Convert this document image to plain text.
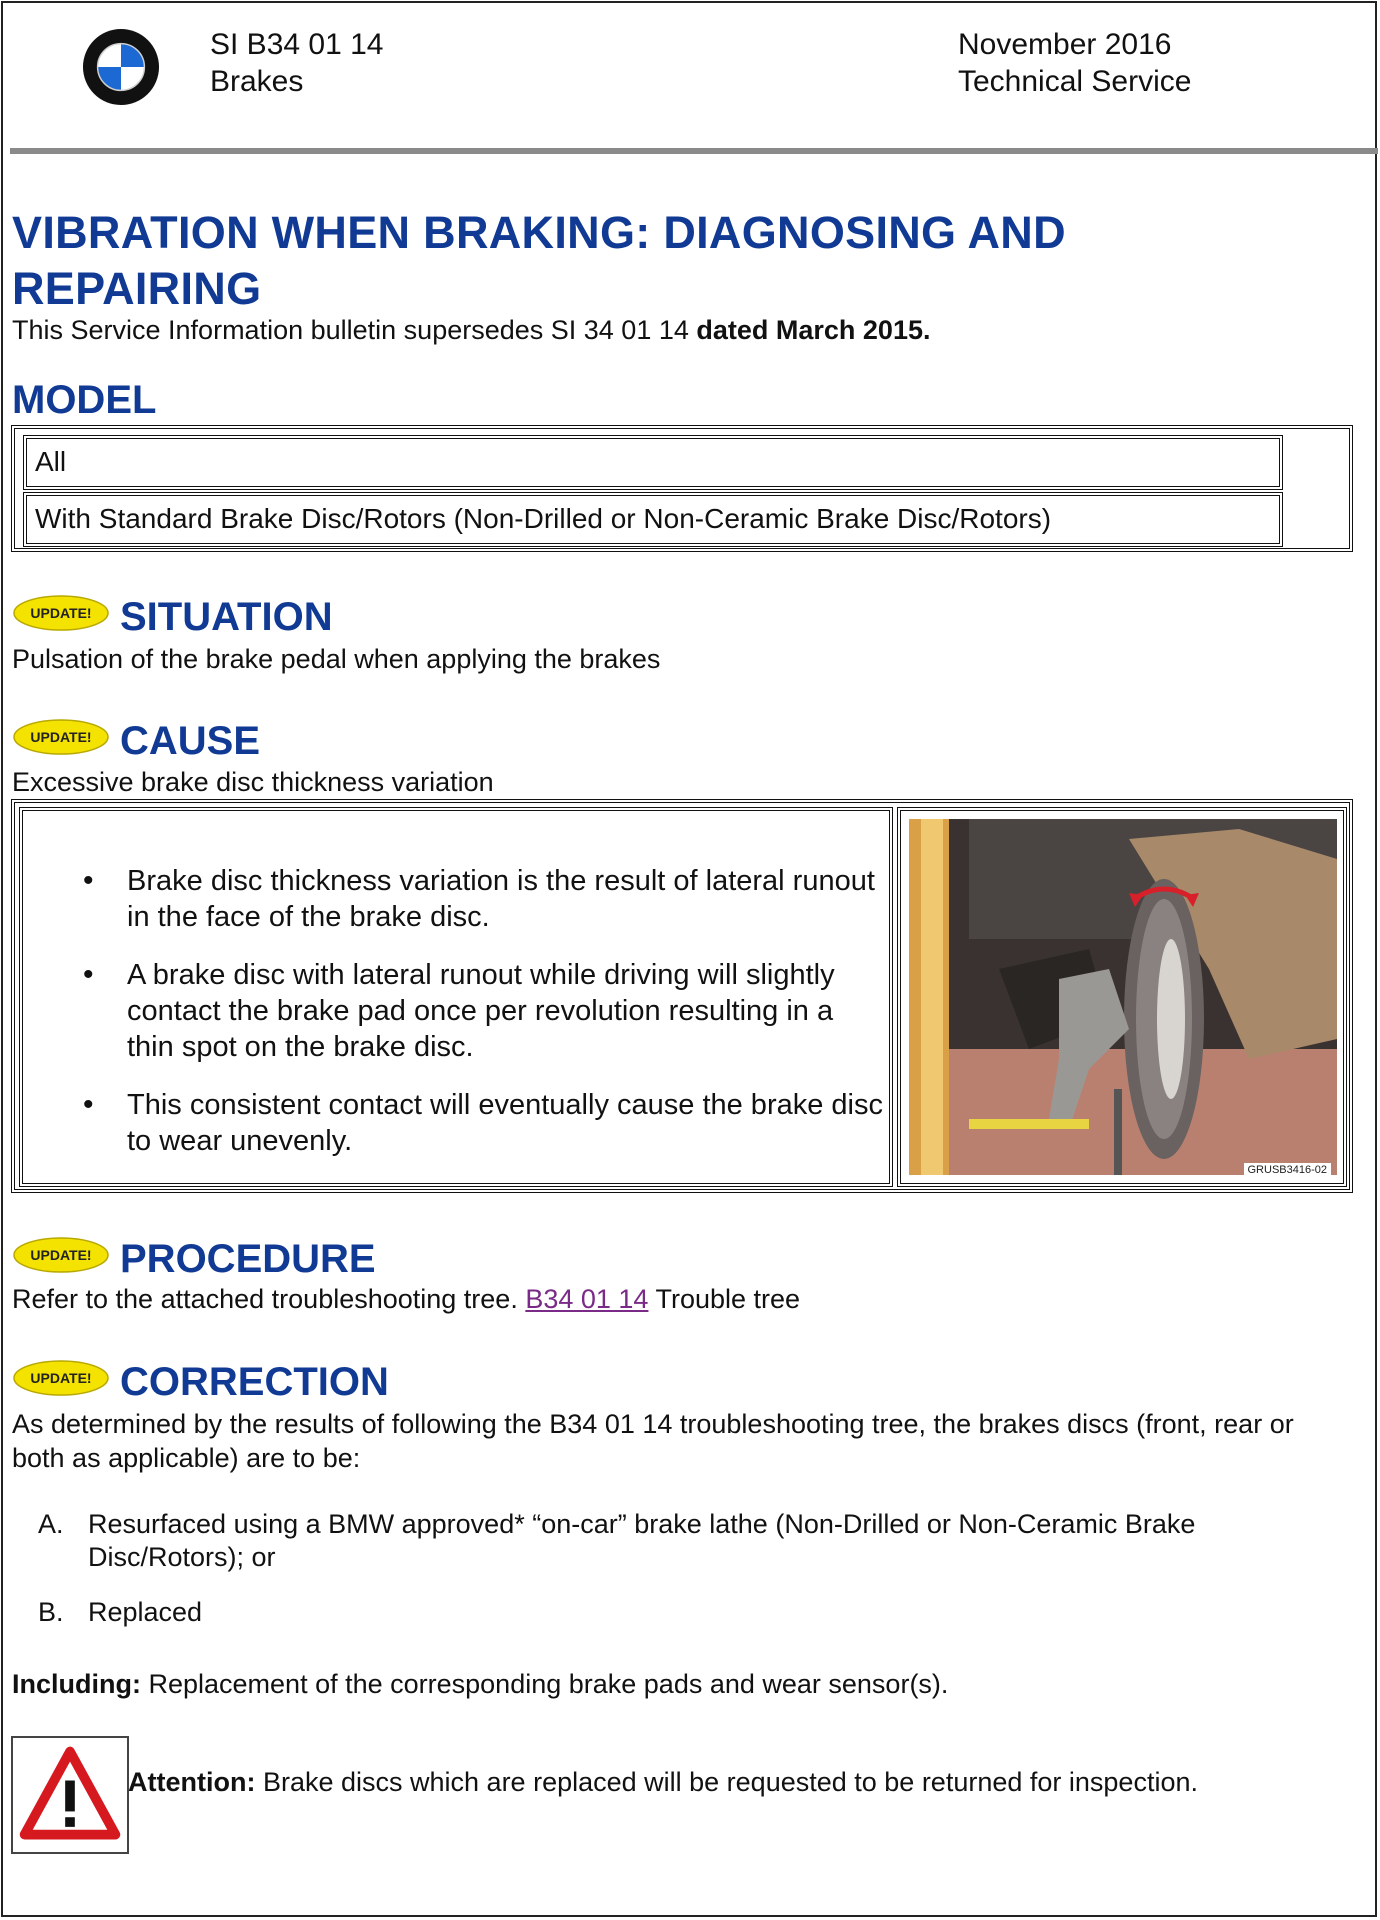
SI B34 01 14
Brakes
November 2016
Technical Service
VIBRATION WHEN BRAKING: DIAGNOSING AND REPAIRING
This Service Information bulletin supersedes SI 34 01 14 dated March 2015.
MODEL
All
With Standard Brake Disc/Rotors (Non-Drilled or Non-Ceramic Brake Disc/Rotors)
UPDATE! SITUATION
Pulsation of the brake pedal when applying the brakes
UPDATE! CAUSE
Excessive brake disc thickness variation
• Brake disc thickness variation is the result of lateral runout in the face of the brake disc.
• A brake disc with lateral runout while driving will slightly contact the brake pad once per revolution resulting in a thin spot on the brake disc.
• This consistent contact will eventually cause the brake disc to wear unevenly.
GRUSB3416-02
UPDATE! PROCEDURE
Refer to the attached troubleshooting tree. B34 01 14 Trouble tree
UPDATE! CORRECTION
As determined by the results of following the B34 01 14 troubleshooting tree, the brakes discs (front, rear or both as applicable) are to be:
A. Resurfaced using a BMW approved* “on-car” brake lathe (Non-Drilled or Non-Ceramic Brake Disc/Rotors); or
B. Replaced
Including: Replacement of the corresponding brake pads and wear sensor(s).
Attention: Brake discs which are replaced will be requested to be returned for inspection.
